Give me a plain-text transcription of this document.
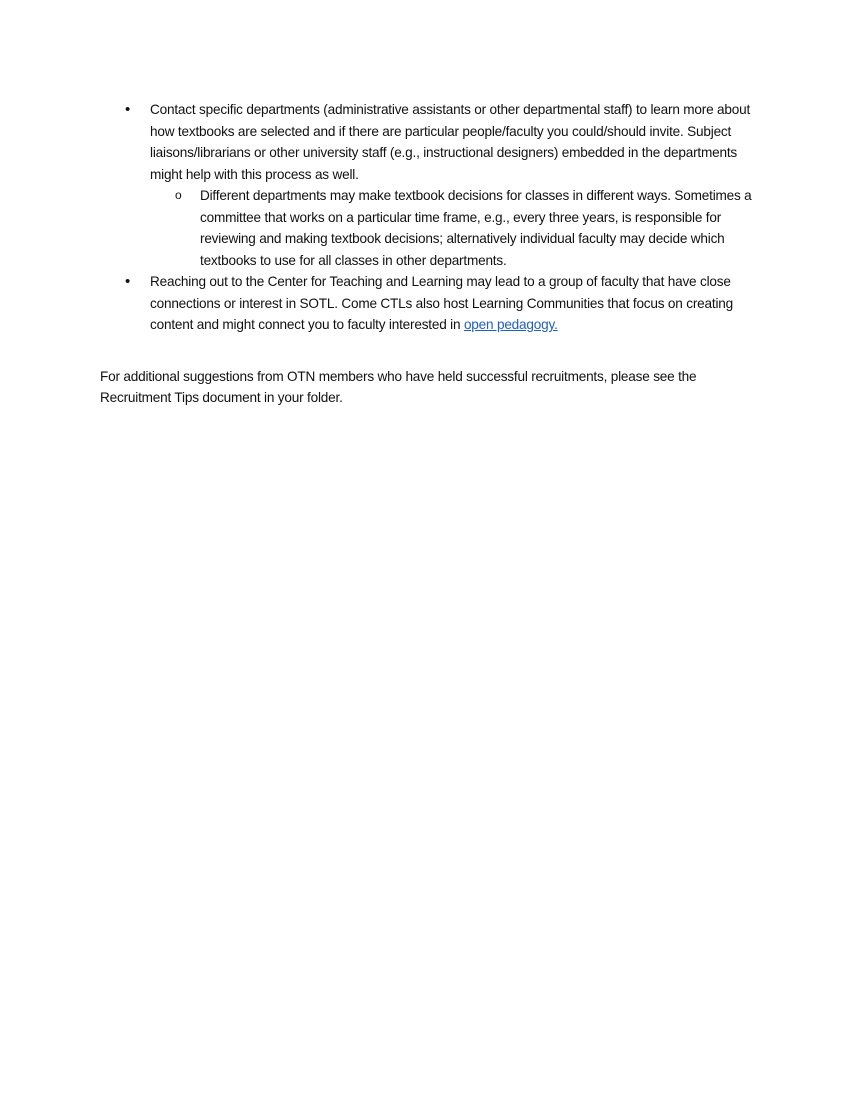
• Contact specific departments (administrative assistants or other departmental staff) to learn more about how textbooks are selected and if there are particular people/faculty you could/should invite. Subject liaisons/librarians or other university staff (e.g., instructional designers) embedded in the departments might help with this process as well.
o Different departments may make textbook decisions for classes in different ways. Sometimes a committee that works on a particular time frame, e.g., every three years, is responsible for reviewing and making textbook decisions; alternatively individual faculty may decide which textbooks to use for all classes in other departments.
• Reaching out to the Center for Teaching and Learning may lead to a group of faculty that have close connections or interest in SOTL. Come CTLs also host Learning Communities that focus on creating content and might connect you to faculty interested in open pedagogy.

For additional suggestions from OTN members who have held successful recruitments, please see the Recruitment Tips document in your folder.
